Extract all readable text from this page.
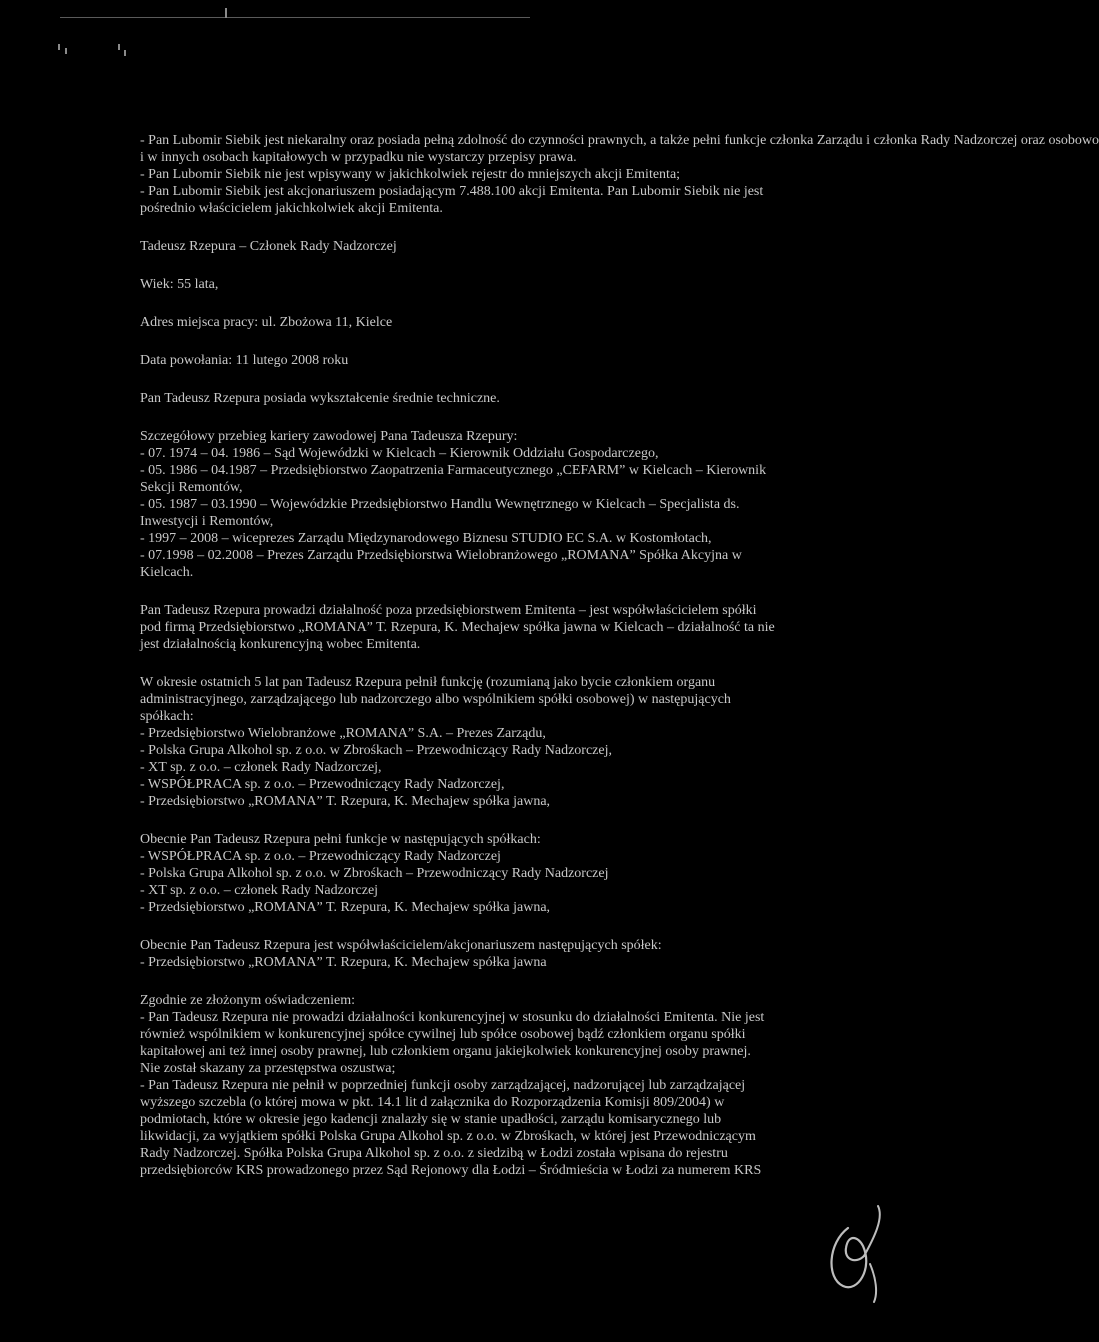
- Pan Lubomir Siebik jest niekaralny oraz posiada pełną zdolność do czynności prawnych, a także pełni funkcje członka Zarządu i członka Rady Nadzorczej oraz osobowo
i w innych osobach kapitałowych w przypadku nie wystarczy przepisy prawa.
- Pan Lubomir Siebik nie jest wpisywany w jakichkolwiek rejestr do mniejszych akcji Emitenta;
- Pan Lubomir Siebik jest akcjonariuszem posiadającym 7.488.100 akcji Emitenta. Pan Lubomir Siebik nie jest
pośrednio właścicielem jakichkolwiek akcji Emitenta.
Tadeusz Rzepura – Członek Rady Nadzorczej
Wiek: 55 lata,
Adres miejsca pracy: ul. Zbożowa 11, Kielce
Data powołania: 11 lutego 2008 roku
Pan Tadeusz Rzepura posiada wykształcenie średnie techniczne.
Szczegółowy przebieg kariery zawodowej Pana Tadeusza Rzepury:
- 07. 1974 – 04. 1986 – Sąd Wojewódzki w Kielcach – Kierownik Oddziału Gospodarczego,
- 05. 1986 – 04.1987 – Przedsiębiorstwo Zaopatrzenia Farmaceutycznego „CEFARM” w Kielcach – Kierownik
Sekcji Remontów,
- 05. 1987 – 03.1990 – Wojewódzkie Przedsiębiorstwo Handlu Wewnętrznego w Kielcach – Specjalista ds.
Inwestycji i Remontów,
- 1997 – 2008 – wiceprezes Zarządu Międzynarodowego Biznesu STUDIO EC S.A. w Kostomłotach,
- 07.1998 – 02.2008 – Prezes Zarządu Przedsiębiorstwa Wielobranżowego „ROMANA” Spółka Akcyjna w
Kielcach.
Pan Tadeusz Rzepura prowadzi działalność poza przedsiębiorstwem Emitenta – jest współwłaścicielem spółki
pod firmą Przedsiębiorstwo „ROMANA” T. Rzepura, K. Mechajew spółka jawna w Kielcach – działalność ta nie
jest działalnością konkurencyjną wobec Emitenta.
W okresie ostatnich 5 lat pan Tadeusz Rzepura pełnił funkcję (rozumianą jako bycie członkiem organu
administracyjnego, zarządzającego lub nadzorczego albo wspólnikiem spółki osobowej) w następujących
spółkach:
- Przedsiębiorstwo Wielobranżowe „ROMANA” S.A. – Prezes Zarządu,
- Polska Grupa Alkohol sp. z o.o. w Zbrośkach – Przewodniczący Rady Nadzorczej,
- XT sp. z o.o. – członek Rady Nadzorczej,
- WSPÓŁPRACA sp. z o.o. – Przewodniczący Rady Nadzorczej,
- Przedsiębiorstwo „ROMANA” T. Rzepura, K. Mechajew spółka jawna,
Obecnie Pan Tadeusz Rzepura pełni funkcje w następujących spółkach:
- WSPÓŁPRACA sp. z o.o. – Przewodniczący Rady Nadzorczej
- Polska Grupa Alkohol sp. z o.o. w Zbrośkach – Przewodniczący Rady Nadzorczej
- XT sp. z o.o. – członek Rady Nadzorczej
- Przedsiębiorstwo „ROMANA” T. Rzepura, K. Mechajew spółka jawna,
Obecnie Pan Tadeusz Rzepura jest współwłaścicielem/akcjonariuszem następujących spółek:
- Przedsiębiorstwo „ROMANA” T. Rzepura, K. Mechajew spółka jawna
Zgodnie ze złożonym oświadczeniem:
- Pan Tadeusz Rzepura nie prowadzi działalności konkurencyjnej w stosunku do działalności Emitenta. Nie jest
również wspólnikiem w konkurencyjnej spółce cywilnej lub spółce osobowej bądź członkiem organu spółki
kapitałowej ani też innej osoby prawnej, lub członkiem organu jakiejkolwiek konkurencyjnej osoby prawnej.
Nie został skazany za przestępstwa oszustwa;
- Pan Tadeusz Rzepura nie pełnił w poprzedniej funkcji osoby zarządzającej, nadzorującej lub zarządzającej
wyższego szczebla (o której mowa w pkt. 14.1 lit d załącznika do Rozporządzenia Komisji 809/2004) w
podmiotach, które w okresie jego kadencji znalazły się w stanie upadłości, zarządu komisarycznego lub
likwidacji, za wyjątkiem spółki Polska Grupa Alkohol sp. z o.o. w Zbrośkach, w której jest Przewodniczącym
Rady Nadzorczej. Spółka Polska Grupa Alkohol sp. z o.o. z siedzibą w Łodzi została wpisana do rejestru
przedsiębiorców KRS prowadzonego przez Sąd Rejonowy dla Łodzi – Śródmieścia w Łodzi za numerem KRS
